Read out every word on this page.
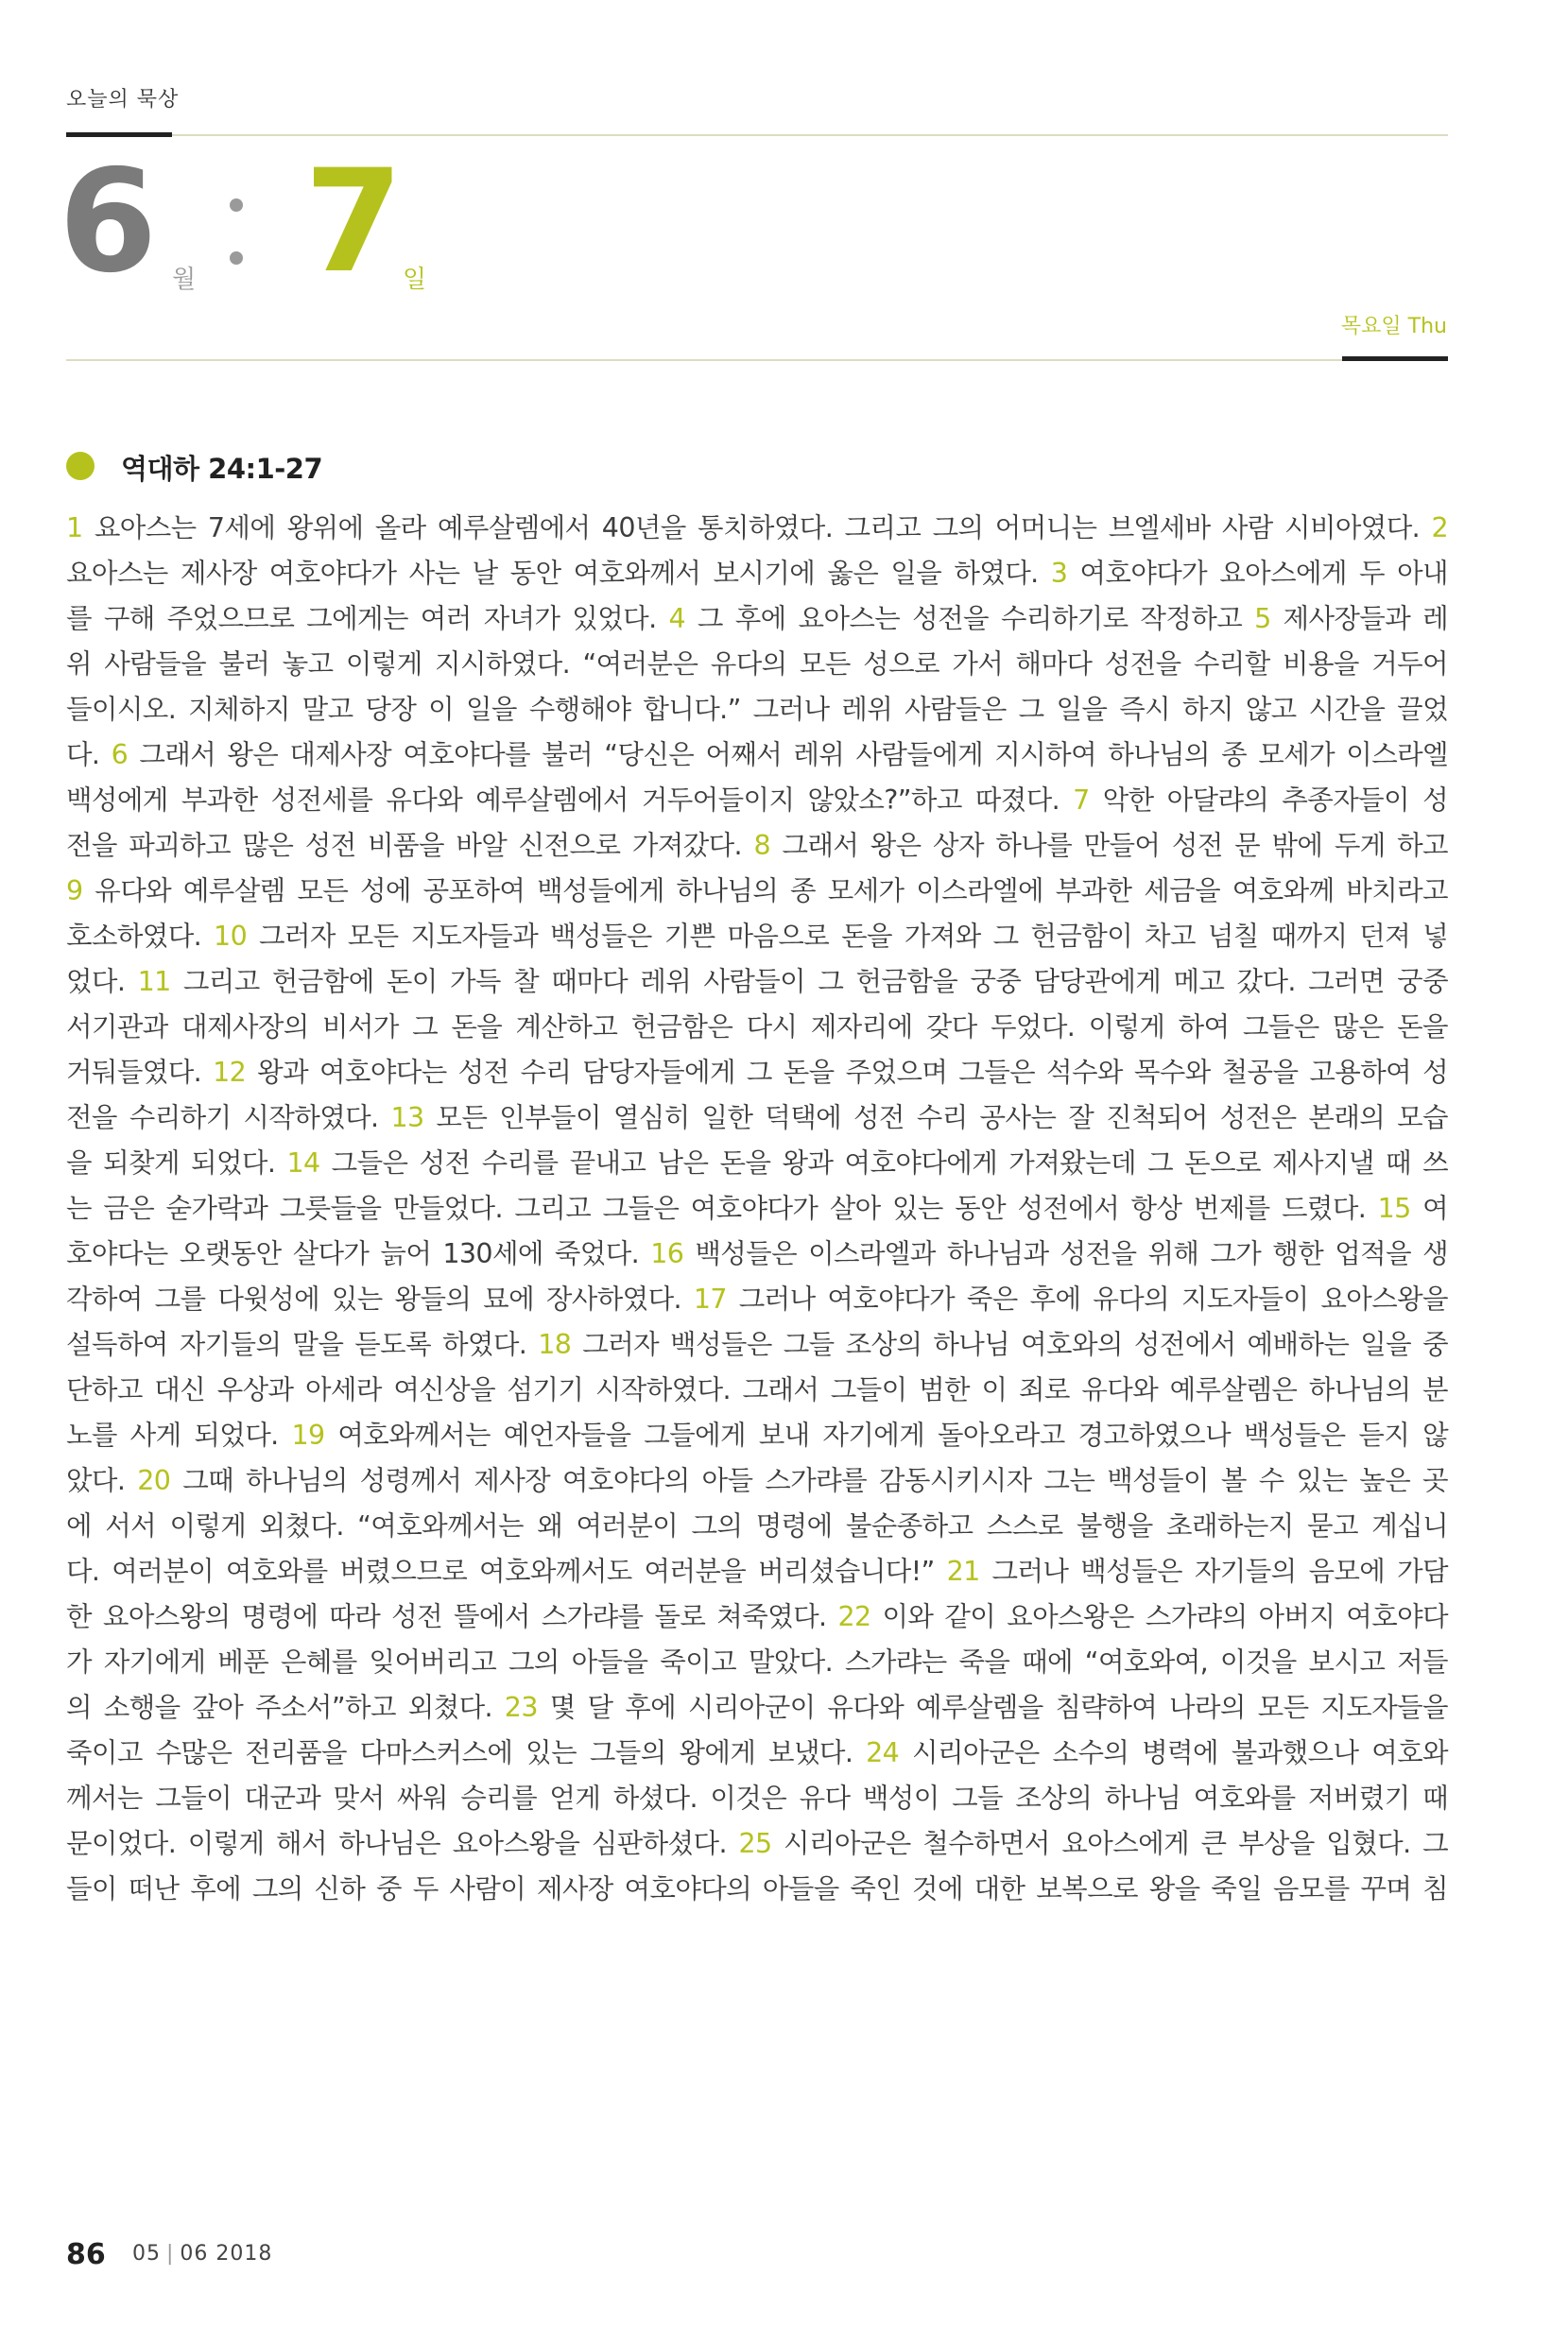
오늘의 묵상
6 월 7 일
목요일 Thu
역대하 24:1-27
1 요아스는 7세에 왕위에 올라 예루살렘에서 40년을 통치하였다. 그리고 그의 어머니는 브엘세바 사람 시비아였다. 2
요아스는 제사장 여호야다가 사는 날 동안 여호와께서 보시기에 옳은 일을 하였다. 3 여호야다가 요아스에게 두 아내
를 구해 주었으므로 그에게는 여러 자녀가 있었다. 4 그 후에 요아스는 성전을 수리하기로 작정하고 5 제사장들과 레
위 사람들을 불러 놓고 이렇게 지시하였다. “여러분은 유다의 모든 성으로 가서 해마다 성전을 수리할 비용을 거두어
들이시오. 지체하지 말고 당장 이 일을 수행해야 합니다.” 그러나 레위 사람들은 그 일을 즉시 하지 않고 시간을 끌었
다. 6 그래서 왕은 대제사장 여호야다를 불러 “당신은 어째서 레위 사람들에게 지시하여 하나님의 종 모세가 이스라엘
백성에게 부과한 성전세를 유다와 예루살렘에서 거두어들이지 않았소?”하고 따졌다. 7 악한 아달랴의 추종자들이 성
전을 파괴하고 많은 성전 비품을 바알 신전으로 가져갔다. 8 그래서 왕은 상자 하나를 만들어 성전 문 밖에 두게 하고
9 유다와 예루살렘 모든 성에 공포하여 백성들에게 하나님의 종 모세가 이스라엘에 부과한 세금을 여호와께 바치라고
호소하였다. 10 그러자 모든 지도자들과 백성들은 기쁜 마음으로 돈을 가져와 그 헌금함이 차고 넘칠 때까지 던져 넣
었다. 11 그리고 헌금함에 돈이 가득 찰 때마다 레위 사람들이 그 헌금함을 궁중 담당관에게 메고 갔다. 그러면 궁중
서기관과 대제사장의 비서가 그 돈을 계산하고 헌금함은 다시 제자리에 갖다 두었다. 이렇게 하여 그들은 많은 돈을
거둬들였다. 12 왕과 여호야다는 성전 수리 담당자들에게 그 돈을 주었으며 그들은 석수와 목수와 철공을 고용하여 성
전을 수리하기 시작하였다. 13 모든 인부들이 열심히 일한 덕택에 성전 수리 공사는 잘 진척되어 성전은 본래의 모습
을 되찾게 되었다. 14 그들은 성전 수리를 끝내고 남은 돈을 왕과 여호야다에게 가져왔는데 그 돈으로 제사지낼 때 쓰
는 금은 숟가락과 그릇들을 만들었다. 그리고 그들은 여호야다가 살아 있는 동안 성전에서 항상 번제를 드렸다. 15 여
호야다는 오랫동안 살다가 늙어 130세에 죽었다. 16 백성들은 이스라엘과 하나님과 성전을 위해 그가 행한 업적을 생
각하여 그를 다윗성에 있는 왕들의 묘에 장사하였다. 17 그러나 여호야다가 죽은 후에 유다의 지도자들이 요아스왕을
설득하여 자기들의 말을 듣도록 하였다. 18 그러자 백성들은 그들 조상의 하나님 여호와의 성전에서 예배하는 일을 중
단하고 대신 우상과 아세라 여신상을 섬기기 시작하였다. 그래서 그들이 범한 이 죄로 유다와 예루살렘은 하나님의 분
노를 사게 되었다. 19 여호와께서는 예언자들을 그들에게 보내 자기에게 돌아오라고 경고하였으나 백성들은 듣지 않
았다. 20 그때 하나님의 성령께서 제사장 여호야다의 아들 스가랴를 감동시키시자 그는 백성들이 볼 수 있는 높은 곳
에 서서 이렇게 외쳤다. “여호와께서는 왜 여러분이 그의 명령에 불순종하고 스스로 불행을 초래하는지 묻고 계십니
다. 여러분이 여호와를 버렸으므로 여호와께서도 여러분을 버리셨습니다!” 21 그러나 백성들은 자기들의 음모에 가담
한 요아스왕의 명령에 따라 성전 뜰에서 스가랴를 돌로 쳐죽였다. 22 이와 같이 요아스왕은 스가랴의 아버지 여호야다
가 자기에게 베푼 은혜를 잊어버리고 그의 아들을 죽이고 말았다. 스가랴는 죽을 때에 “여호와여, 이것을 보시고 저들
의 소행을 갚아 주소서”하고 외쳤다. 23 몇 달 후에 시리아군이 유다와 예루살렘을 침략하여 나라의 모든 지도자들을
죽이고 수많은 전리품을 다마스커스에 있는 그들의 왕에게 보냈다. 24 시리아군은 소수의 병력에 불과했으나 여호와
께서는 그들이 대군과 맞서 싸워 승리를 얻게 하셨다. 이것은 유다 백성이 그들 조상의 하나님 여호와를 저버렸기 때
문이었다. 이렇게 해서 하나님은 요아스왕을 심판하셨다. 25 시리아군은 철수하면서 요아스에게 큰 부상을 입혔다. 그
들이 떠난 후에 그의 신하 중 두 사람이 제사장 여호야다의 아들을 죽인 것에 대한 보복으로 왕을 죽일 음모를 꾸며 침
86 05 | 06 2018
